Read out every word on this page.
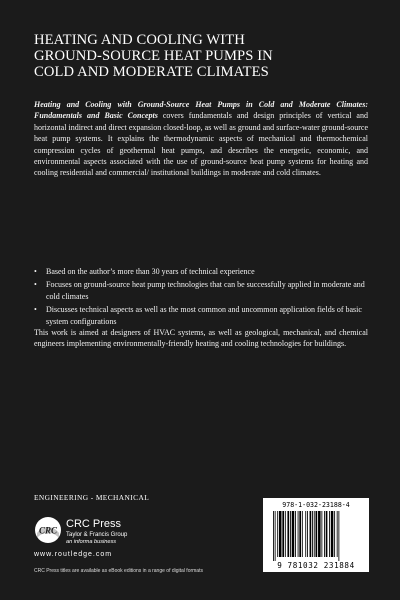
HEATING AND COOLING WITH
GROUND-SOURCE HEAT PUMPS IN
COLD AND MODERATE CLIMATES

Heating and Cooling with Ground-Source Heat Pumps in Cold and Moderate Climates: Fundamentals and Basic Concepts covers fundamentals and design principles of vertical and horizontal indirect and direct expansion closed-loop, as well as ground and surface-water ground-source heat pump systems. It explains the thermodynamic aspects of mechanical and thermochemical compression cycles of geothermal heat pumps, and describes the energetic, economic, and environmental aspects associated with the use of ground-source heat pump systems for heating and cooling residential and commercial/ institutional buildings in moderate and cold climates.

• Based on the author’s more than 30 years of technical experience
• Focuses on ground-source heat pump technologies that can be successfully applied in moderate and cold climates
• Discusses technical aspects as well as the most common and uncommon application fields of basic system configurations

This work is aimed at designers of HVAC systems, as well as geological, mechanical, and chemical engineers implementing environmentally-friendly heating and cooling technologies for buildings.

ENGINEERING - MECHANICAL
CRC
CRC Press
Taylor & Francis Group
an informa business
www.routledge.com
CRC Press titles are available as eBook editions in a range of digital formats
978-1-032-23188-4
9 781032 231884
